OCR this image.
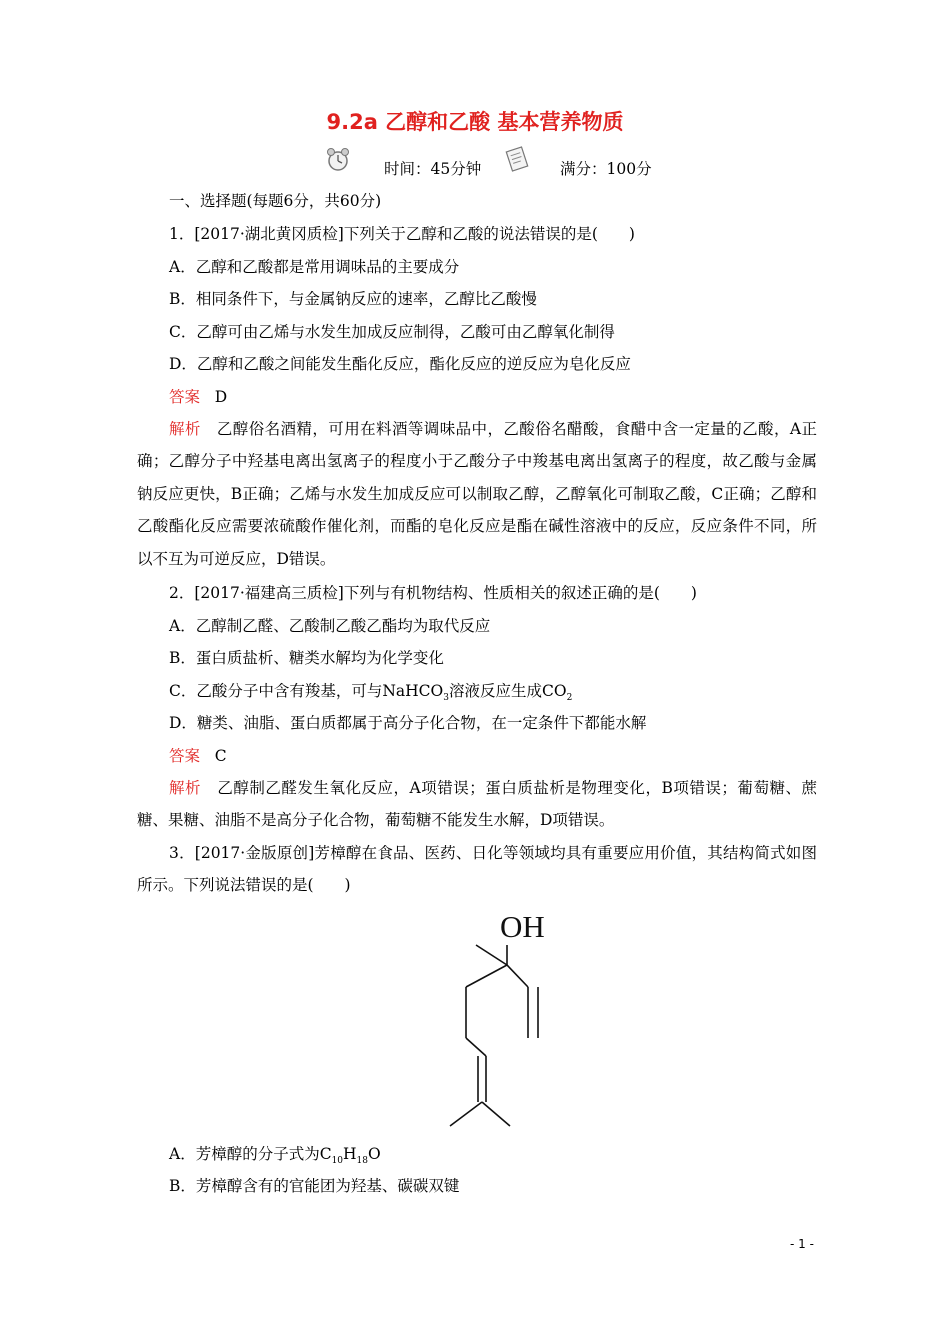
9.2a 乙醇和乙酸 基本营养物质
时间：45分钟	满分：100分
一、选择题(每题6分，共60分)
1．[2017·湖北黄冈质检]下列关于乙醇和乙酸的说法错误的是(　　)
A．乙醇和乙酸都是常用调味品的主要成分
B．相同条件下，与金属钠反应的速率，乙醇比乙酸慢
C．乙醇可由乙烯与水发生加成反应制得，乙酸可由乙醇氧化制得
D．乙醇和乙酸之间能发生酯化反应，酯化反应的逆反应为皂化反应
答案 D
解析 乙醇俗名酒精，可用在料酒等调味品中，乙酸俗名醋酸，食醋中含一定量的乙酸，A正确；乙醇分子中羟基电离出氢离子的程度小于乙酸分子中羧基电离出氢离子的程度，故乙酸与金属钠反应更快，B正确；乙烯与水发生加成反应可以制取乙醇，乙醇氧化可制取乙酸，C正确；乙醇和乙酸酯化反应需要浓硫酸作催化剂，而酯的皂化反应是酯在碱性溶液中的反应，反应条件不同，所以不互为可逆反应，D错误。
2．[2017·福建高三质检]下列与有机物结构、性质相关的叙述正确的是(　　)
A．乙醇制乙醛、乙酸制乙酸乙酯均为取代反应
B．蛋白质盐析、糖类水解均为化学变化
C．乙酸分子中含有羧基，可与NaHCO$_3$溶液反应生成$CO_2$
D．糖类、油脂、蛋白质都属于高分子化合物，在一定条件下都能水解
答案 C
解析 乙醇制乙醛发生氧化反应，A项错误；蛋白质盐析是物理变化，B项错误；葡萄糖、蔗糖、果糖、油脂不是高分子化合物，葡萄糖不能发生水解，D项错误。
3．[2017·金版原创]芳樟醇在食品、医药、日化等领域均具有重要应用价值，其结构简式如图所示。下列说法错误的是(　　)
OH
A．芳樟醇的分子式为$C_{10}H_{18}O$
B．芳樟醇含有的官能团为羟基、碳碳双键
- 1 -
